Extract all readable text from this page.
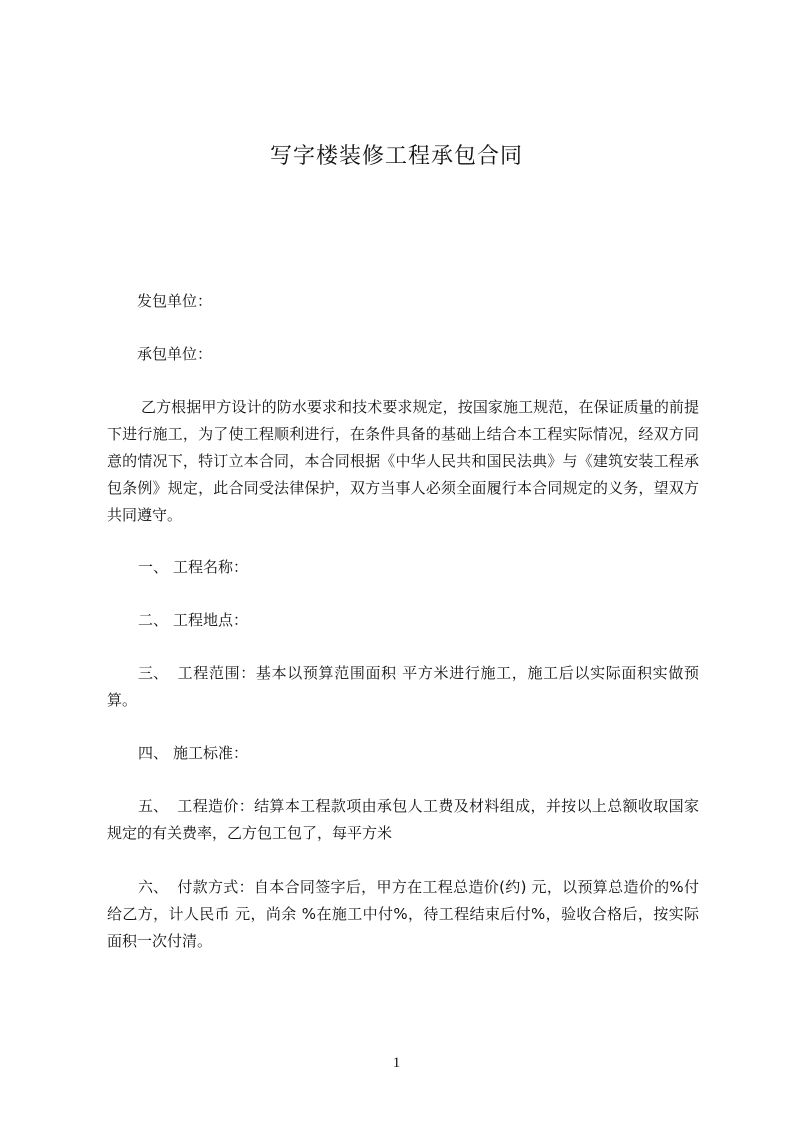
写字楼装修工程承包合同
发包单位：
承包单位：
乙方根据甲方设计的防水要求和技术要求规定，按国家施工规范，在保证质量的前提下进行施工，为了使工程顺利进行，在条件具备的基础上结合本工程实际情况，经双方同意的情况下，特订立本合同，本合同根据《中华人民共和国民法典》与《建筑安装工程承包条例》规定，此合同受法律保护，双方当事人必须全面履行本合同规定的义务，望双方共同遵守。
一、 工程名称：
二、 工程地点：
三、 工程范围：基本以预算范围面积 平方米进行施工，施工后以实际面积实做预算。
四、 施工标准：
五、 工程造价：结算本工程款项由承包人工费及材料组成，并按以上总额收取国家规定的有关费率，乙方包工包了，每平方米
六、 付款方式：自本合同签字后，甲方在工程总造价(约) 元，以预算总造价的%付给乙方，计人民币 元，尚余 %在施工中付%，待工程结束后付%，验收合格后，按实际面积一次付清。
1
